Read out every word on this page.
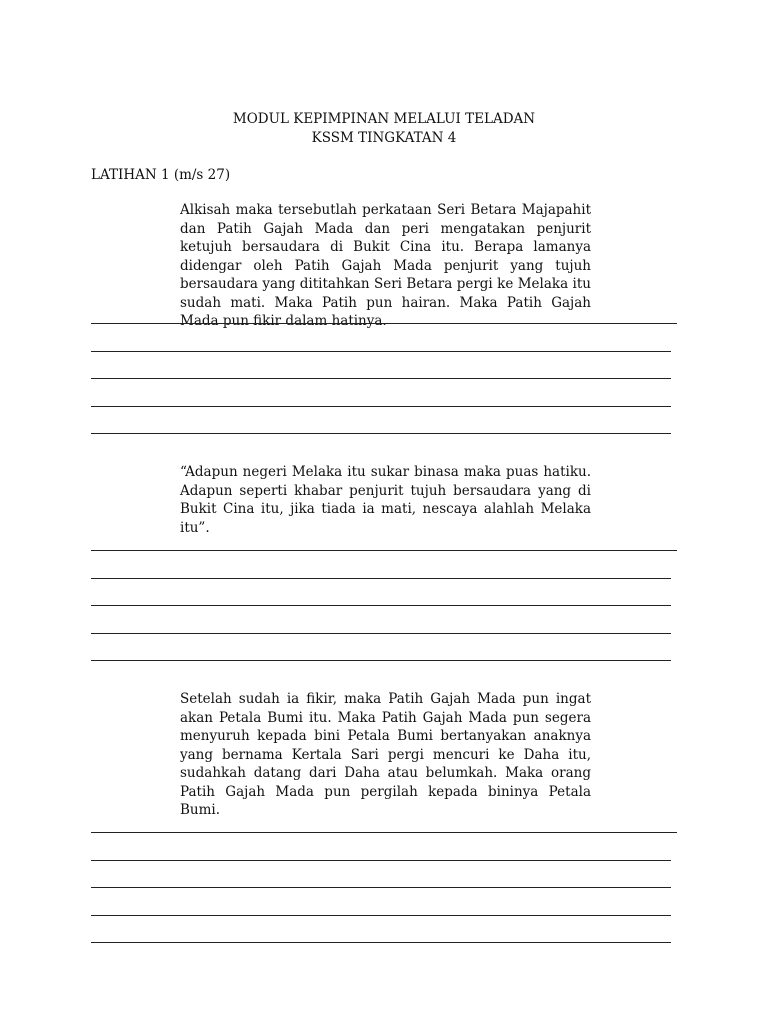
MODUL KEPIMPINAN MELALUI TELADAN
KSSM TINGKATAN 4
LATIHAN 1 (m/s 27)

Alkisah maka tersebutlah perkataan Seri Betara Majapahit dan Patih Gajah Mada dan peri mengatakan penjurit ketujuh bersaudara di Bukit Cina itu. Berapa lamanya didengar oleh Patih Gajah Mada penjurit yang tujuh bersaudara yang dititahkan Seri Betara pergi ke Melaka itu sudah mati. Maka Patih pun hairan. Maka Patih Gajah Mada pun fikir dalam hatinya.

“Adapun negeri Melaka itu sukar binasa maka puas hatiku. Adapun seperti khabar penjurit tujuh bersaudara yang di Bukit Cina itu, jika tiada ia mati, nescaya alahlah Melaka itu”.

Setelah sudah ia fikir, maka Patih Gajah Mada pun ingat akan Petala Bumi itu. Maka Patih Gajah Mada pun segera menyuruh kepada bini Petala Bumi bertanyakan anaknya yang bernama Kertala Sari pergi mencuri ke Daha itu, sudahkah datang dari Daha atau belumkah. Maka orang Patih Gajah Mada pun pergilah kepada bininya Petala Bumi.
